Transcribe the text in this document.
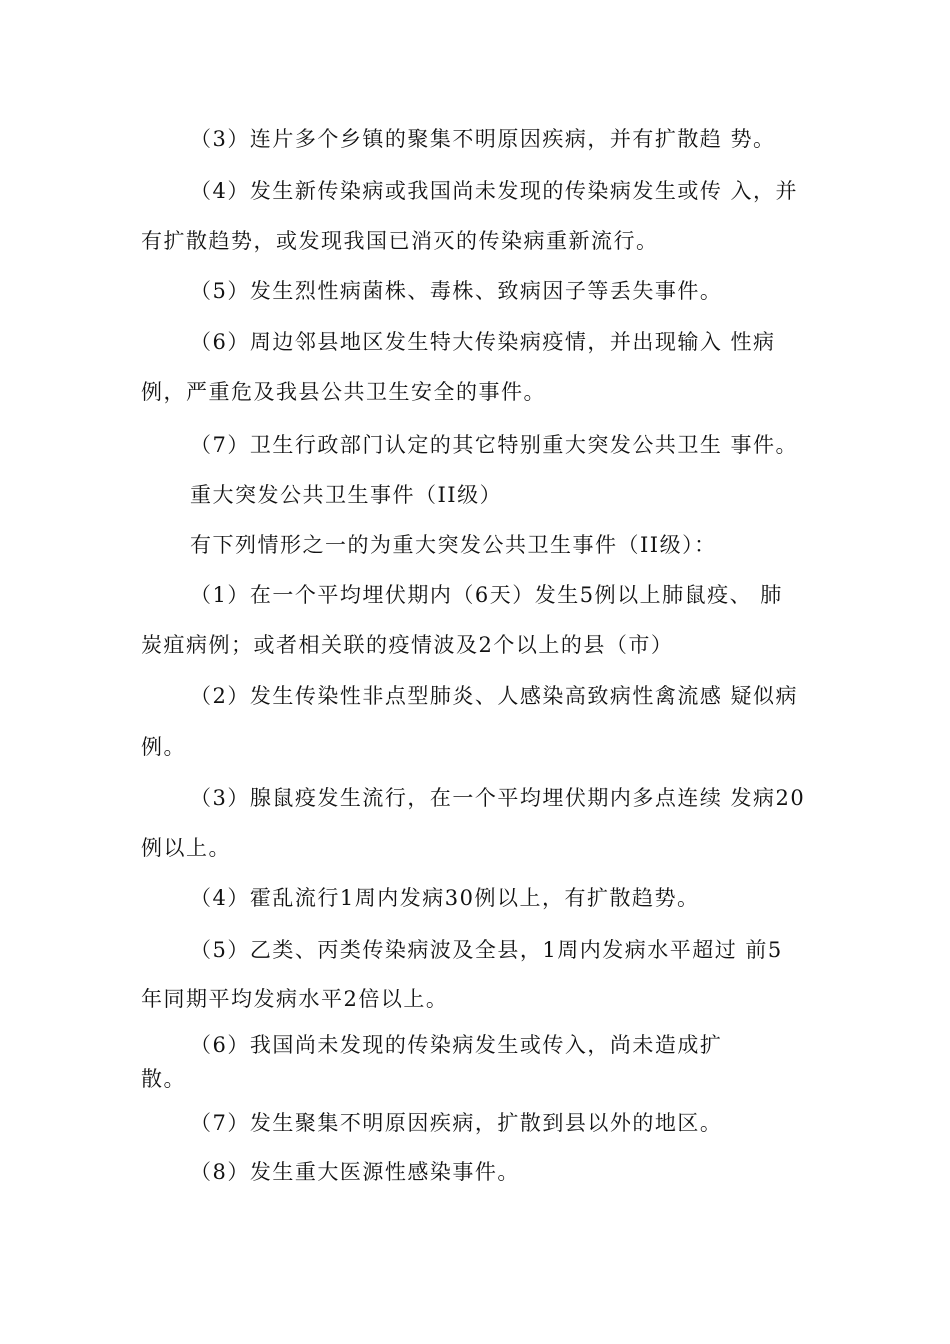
（3）连片多个乡镇的聚集不明原因疾病，并有扩散趋 势。
（4）发生新传染病或我国尚未发现的传染病发生或传 入，并
有扩散趋势，或发现我国已消灭的传染病重新流行。
（5）发生烈性病菌株、毒株、致病因子等丢失事件。
（6）周边邻县地区发生特大传染病疫情，并出现输入 性病
例，严重危及我县公共卫生安全的事件。
（7）卫生行政部门认定的其它特别重大突发公共卫生 事件。
重大突发公共卫生事件（II级）
有下列情形之一的为重大突发公共卫生事件（II级）：
（1）在一个平均埋伏期内（6天）发生5例以上肺鼠疫、 肺
炭疽病例；或者相关联的疫情波及2个以上的县（市）
（2）发生传染性非点型肺炎、人感染高致病性禽流感 疑似病
例。
（3）腺鼠疫发生流行，在一个平均埋伏期内多点连续 发病20
例以上。
（4）霍乱流行1周内发病30例以上，有扩散趋势。
（5）乙类、丙类传染病波及全县，1周内发病水平超过 前5
年同期平均发病水平2倍以上。
（6）我国尚未发现的传染病发生或传入，尚未造成扩
散。
（7）发生聚集不明原因疾病，扩散到县以外的地区。
（8）发生重大医源性感染事件。
